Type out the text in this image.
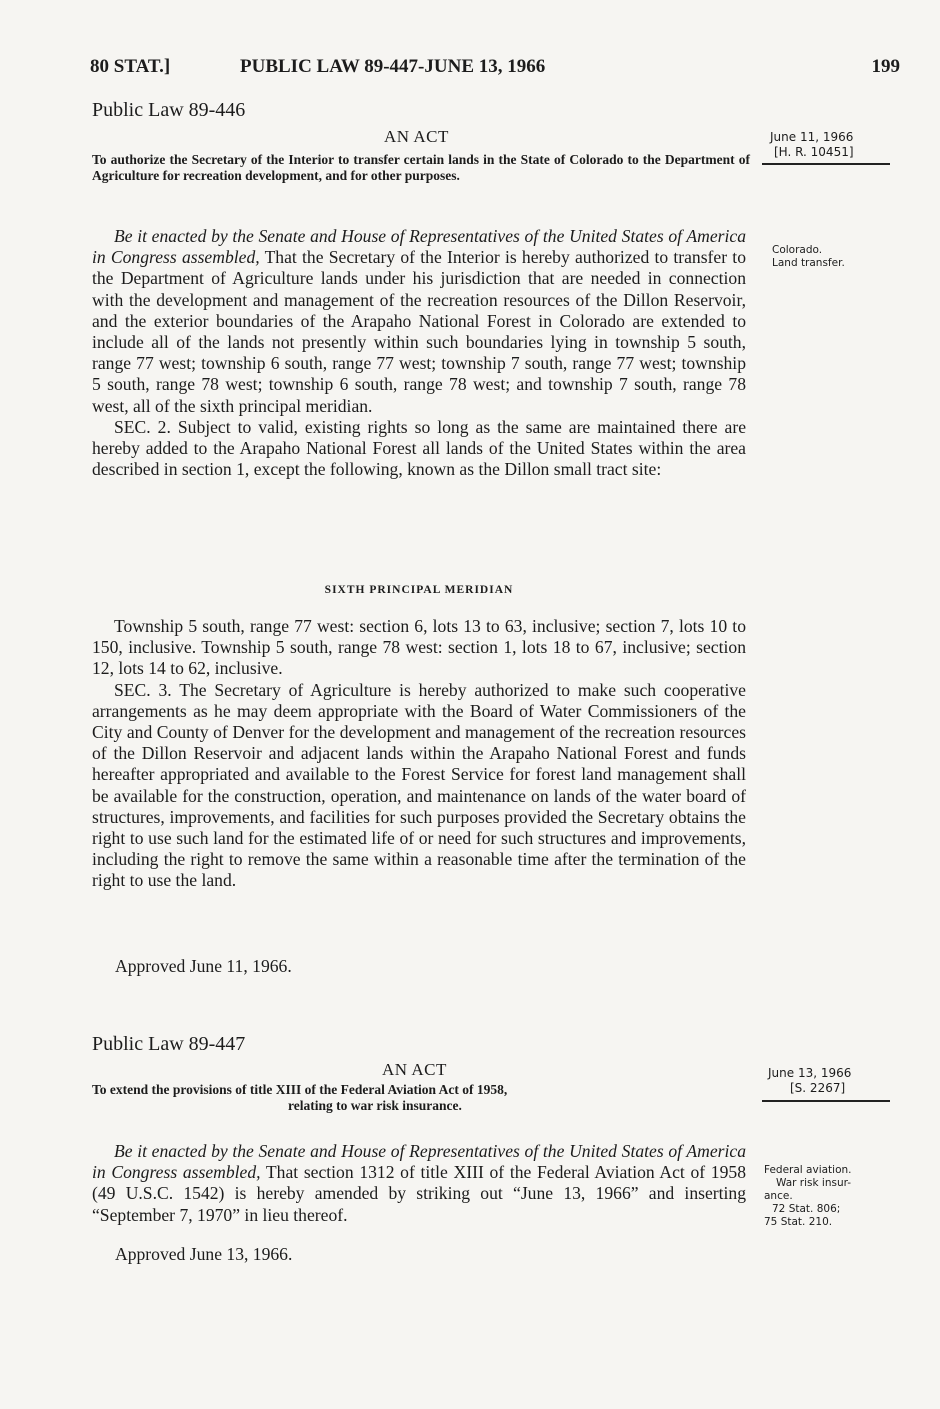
80 STAT.]	PUBLIC LAW 89-447-JUNE 13, 1966	199
Public Law 89-446
AN ACT	June 11, 1966
[H. R. 10451]
To authorize the Secretary of the Interior to transfer certain lands in the State of Colorado to the Department of Agriculture for recreation development, and for other purposes.
Colorado.
Land transfer.

Be it enacted by the Senate and House of Representatives of the United States of America in Congress assembled, That the Secretary of the Interior is hereby authorized to transfer to the Department of Agriculture lands under his jurisdiction that are needed in connection with the development and management of the recreation resources of the Dillon Reservoir, and the exterior boundaries of the Arapaho National Forest in Colorado are extended to include all of the lands not presently within such boundaries lying in township 5 south, range 77 west; township 6 south, range 77 west; township 7 south, range 77 west; township 5 south, range 78 west; township 6 south, range 78 west; and township 7 south, range 78 west, all of the sixth principal meridian.

SEC. 2. Subject to valid, existing rights so long as the same are maintained there are hereby added to the Arapaho National Forest all lands of the United States within the area described in section 1, except the following, known as the Dillon small tract site:

SIXTH PRINCIPAL MERIDIAN

Township 5 south, range 77 west: section 6, lots 13 to 63, inclusive; section 7, lots 10 to 150, inclusive. Township 5 south, range 78 west: section 1, lots 18 to 67, inclusive; section 12, lots 14 to 62, inclusive.

SEC. 3. The Secretary of Agriculture is hereby authorized to make such cooperative arrangements as he may deem appropriate with the Board of Water Commissioners of the City and County of Denver for the development and management of the recreation resources of the Dillon Reservoir and adjacent lands within the Arapaho National Forest and funds hereafter appropriated and available to the Forest Service for forest land management shall be available for the construction, operation, and maintenance on lands of the water board of structures, improvements, and facilities for such purposes provided the Secretary obtains the right to use such land for the estimated life of or need for such structures and improvements, including the right to remove the same within a reasonable time after the termination of the right to use the land.

Approved June 11, 1966.
Public Law 89-447
AN ACT	June 13, 1966
[S. 2267]
To extend the provisions of title XIII of the Federal Aviation Act of 1958,
relating to war risk insurance.

Be it enacted by the Senate and House of Representatives of the United States of America in Congress assembled, That section 1312 of title XIII of the Federal Aviation Act of 1958 (49 U.S.C. 1542) is hereby amended by striking out “June 13, 1966” and inserting “September 7, 1970” in lieu thereof.

Federal aviation.
War risk insur-
ance.
72 Stat. 806;
75 Stat. 210.
Approved June 13, 1966.
